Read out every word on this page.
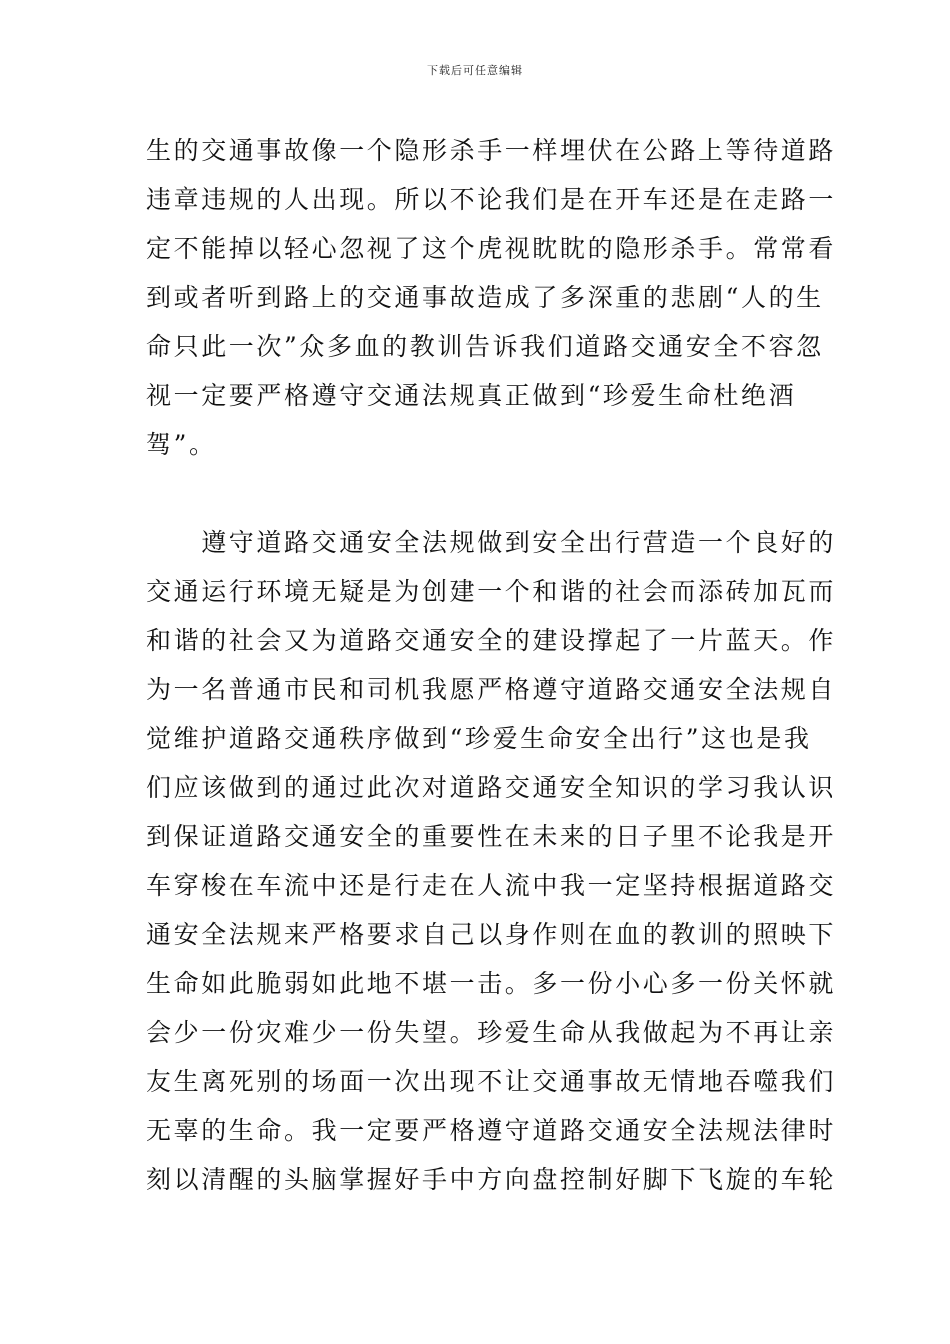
下载后可任意编辑
生的交通事故像一个隐形杀手一样埋伏在公路上等待道路
违章违规的人出现。所以不论我们是在开车还是在走路一
定不能掉以轻心忽视了这个虎视眈眈的隐形杀手。常常看
到或者听到路上的交通事故造成了多深重的悲剧“人的生
命只此一次”众多血的教训告诉我们道路交通安全不容忽
视一定要严格遵守交通法规真正做到“珍爱生命杜绝酒
驾”。
　　遵守道路交通安全法规做到安全出行营造一个良好的
交通运行环境无疑是为创建一个和谐的社会而添砖加瓦而
和谐的社会又为道路交通安全的建设撑起了一片蓝天。作
为一名普通市民和司机我愿严格遵守道路交通安全法规自
觉维护道路交通秩序做到“珍爱生命安全出行”这也是我
们应该做到的通过此次对道路交通安全知识的学习我认识
到保证道路交通安全的重要性在未来的日子里不论我是开
车穿梭在车流中还是行走在人流中我一定坚持根据道路交
通安全法规来严格要求自己以身作则在血的教训的照映下
生命如此脆弱如此地不堪一击。多一份小心多一份关怀就
会少一份灾难少一份失望。珍爱生命从我做起为不再让亲
友生离死别的场面一次出现不让交通事故无情地吞噬我们
无辜的生命。我一定要严格遵守道路交通安全法规法律时
刻以清醒的头脑掌握好手中方向盘控制好脚下飞旋的车轮
